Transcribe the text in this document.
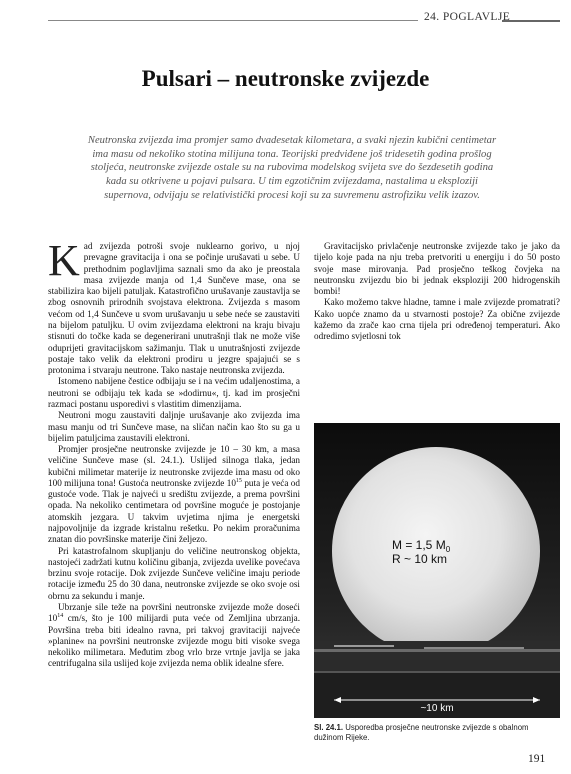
24. POGLAVLJE
Pulsari – neutronske zvijezde
Neutronska zvijezda ima promjer samo dvadesetak kilometara, a svaki njezin kubični centimetar ima masu od nekoliko stotina milijuna tona. Teorijski predviđene još tridesetih godina prošlog stoljeća, neutronske zvijezde ostale su na rubovima modelskog svijeta sve do šezdesetih godina kada su otkrivene u pojavi pulsara. U tim egzotičnim zvijezdama, nastalima u eksploziji supernova, odvijaju se relativistički procesi koji su za suvremenu astrofiziku velik izazov.

Kad zvijezda potroši svoje nuklearno gorivo, u njoj prevagne gravitacija i ona se počinje urušavati u sebe. U prethodnim poglavljima saznali smo da ako je preostala masa zvijezde manja od 1,4 Sunčeve mase, ona se stabilizira kao bijeli patuljak. Katastrofično urušavanje zaustavlja se zbog osnovnih prirodnih svojstava elektrona. Zvijezda s masom većom od 1,4 Sunčeve u svom urušavanju u sebe neće se zaustaviti na bijelom patuljku. U ovim zvijezdama elektroni na kraju bivaju stisnuti do točke kada se degenerirani unutrašnji tlak ne može više oduprijeti gravitacijskom sažimanju. Tlak u unutrašnjosti zvijezde postaje tako velik da elektroni prodiru u jezgre spajajući se s protonima i stvaraju neutrone. Tako nastaje neutronska zvijezda.

Istomeno nabijene čestice odbijaju se i na većim udaljenostima, a neutroni se odbijaju tek kada se »dodirnu«, tj. kad im prosječni razmaci postanu usporedivi s vlastitim dimenzijama.

Neutroni mogu zaustaviti daljnje urušavanje ako zvijezda ima masu manju od tri Sunčeve mase, na sličan način kao što su ga u bijelim patuljcima zaustavili elektroni.

Promjer prosječne neutronske zvijezde je 10 – 30 km, a masa veličine Sunčeve mase (sl. 24.1.). Uslijed silnoga tlaka, jedan kubični milimetar materije iz neutronske zvijezde ima masu od oko 100 milijuna tona! Gustoća neutronske zvijezde $10^{15}$ puta je veća od gustoće vode. Tlak je najveći u središtu zvijezde, a prema površini opada. Na nekoliko centimetara od površine moguće je postojanje atomskih jezgara. U takvim uvjetima njima je energetski najpovoljnije da izgrade kristalnu rešetku. Po nekim proračunima znatan dio površinske materije čini željezo.

Pri katastrofalnom skupljanju do veličine neutronskog objekta, nastojeći zadržati kutnu količinu gibanja, zvijezda uvelike povećava brzinu svoje rotacije. Dok zvijezde Sunčeve veličine imaju periode rotacije između 25 do 30 dana, neutronske zvijezde se oko svoje osi obrnu za sekundu i manje.

Ubrzanje sile teže na površini neutronske zvijezde može doseći $10^{14}$ cm/s, što je 100 milijardi puta veće od Zemljina ubrzanja. Površina treba biti idealno ravna, pri takvoj gravitaciji najveće »planine« na površini neutronske zvijezde mogu biti visoke svega nekoliko milimetara. Međutim zbog vrlo brze vrtnje javlja se jaka centrifugalna sila uslijed koje zvijezda nema oblik idealne sfere.

Gravitacijsko privlačenje neutronske zvijezde tako je jako da tijelo koje pada na nju treba pretvoriti u energiju i do 50 posto svoje mase mirovanja. Pad prosječno teškog čovjeka na neutronsku zvijezdu bio bi jednak eksploziji 200 hidrogenskih bombi!

Kako možemo takve hladne, tamne i male zvijezde promatrati? Kako uopće znamo da u stvarnosti postoje? Za obične zvijezde kažemo da zrače kao crna tijela pri određenoj temperaturi. Ako odredimo svjetlosni tok

M = 1,5 $M_0$
R ~ 10 km
~10 km
Sl. 24.1. Usporedba prosječne neutronske zvijezde s obalnom dužinom Rijeke.
191
